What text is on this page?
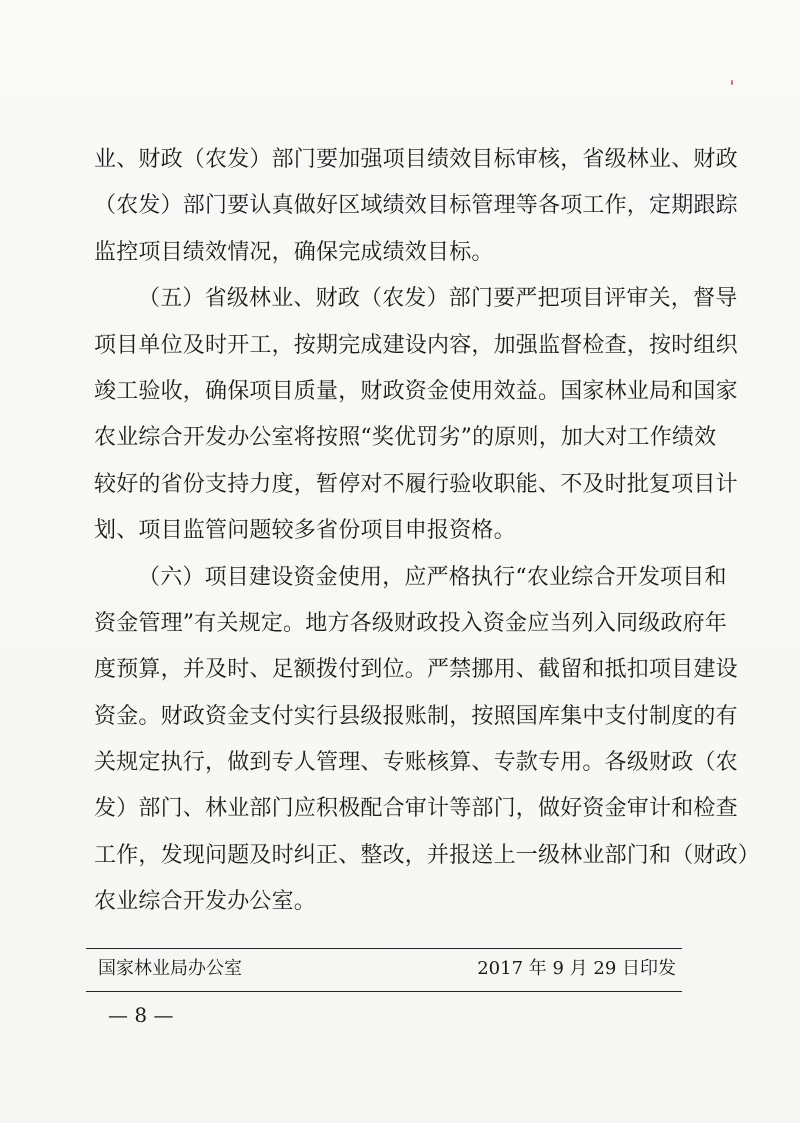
业、财政（农发）部门要加强项目绩效目标审核，省级林业、财政
（农发）部门要认真做好区域绩效目标管理等各项工作，定期跟踪
监控项目绩效情况，确保完成绩效目标。
（五）省级林业、财政（农发）部门要严把项目评审关，督导
项目单位及时开工，按期完成建设内容，加强监督检查，按时组织
竣工验收，确保项目质量，财政资金使用效益。国家林业局和国家
农业综合开发办公室将按照“奖优罚劣”的原则，加大对工作绩效
较好的省份支持力度，暂停对不履行验收职能、不及时批复项目计
划、项目监管问题较多省份项目申报资格。
（六）项目建设资金使用，应严格执行“农业综合开发项目和
资金管理”有关规定。地方各级财政投入资金应当列入同级政府年
度预算，并及时、足额拨付到位。严禁挪用、截留和抵扣项目建设
资金。财政资金支付实行县级报账制，按照国库集中支付制度的有
关规定执行，做到专人管理、专账核算、专款专用。各级财政（农
发）部门、林业部门应积极配合审计等部门，做好资金审计和检查
工作，发现问题及时纠正、整改，并报送上一级林业部门和（财政）
农业综合开发办公室。
国家林业局办公室	2017 年 9 月 29 日印发
— 8 —
